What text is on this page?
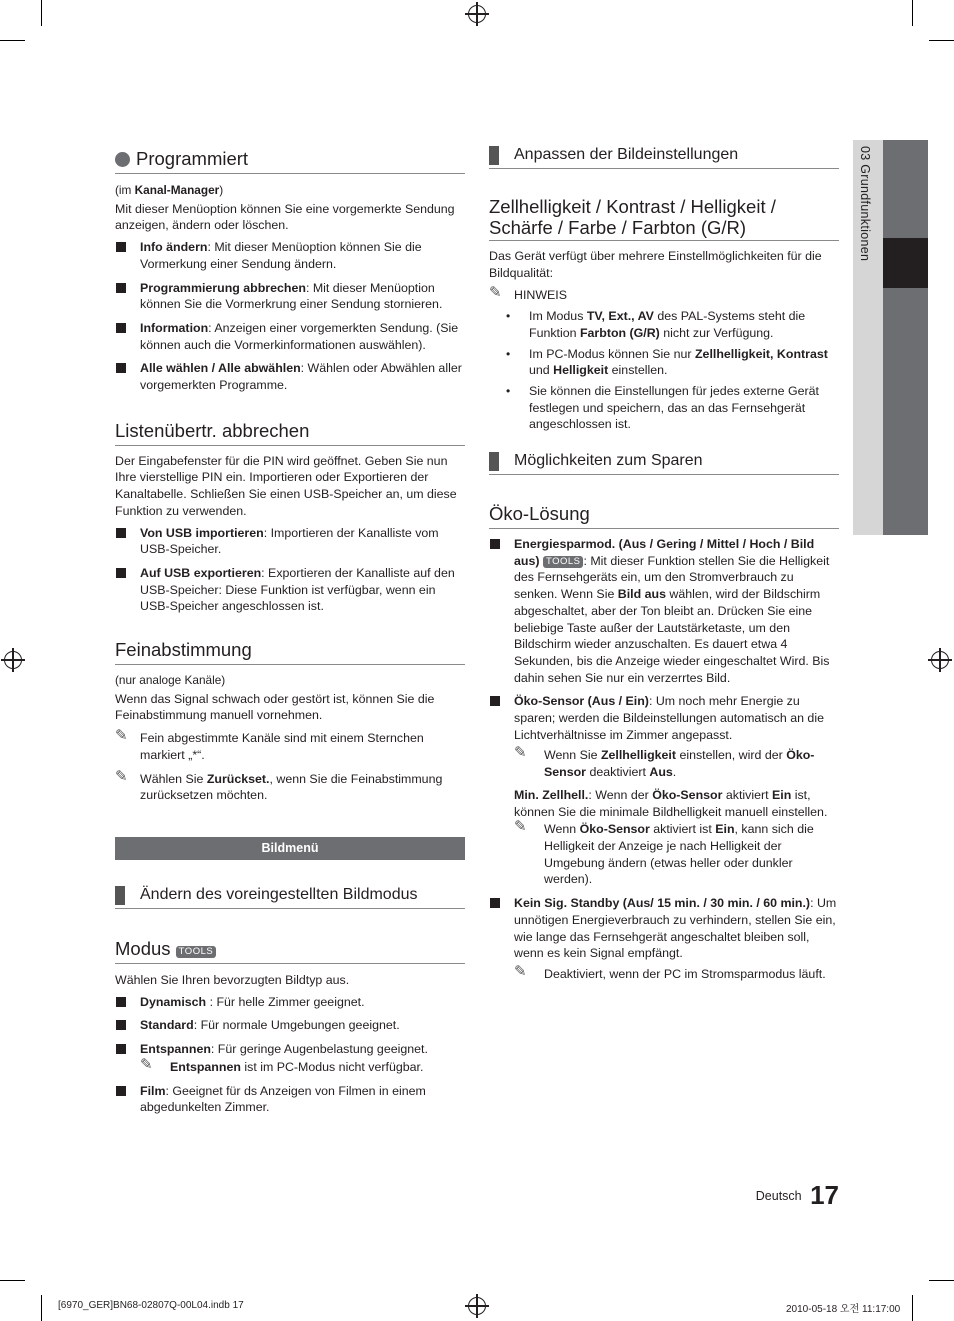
03 Grundfunktionen
Programmiert

(im Kanal-Manager)

Mit dieser Menüoption können Sie eine vorgemerkte Sendung anzeigen, ändern oder löschen.

Info ändern: Mit dieser Menüoption können Sie die Vormerkung einer Sendung ändern.

Programmierung abbrechen: Mit dieser Menüoption können Sie die Vormerkrung einer Sendung stornieren.

Information: Anzeigen einer vorgemerkten Sendung. (Sie können auch die Vormerkinformationen auswählen).

Alle wählen / Alle abwählen: Wählen oder Abwählen aller vorgemerkten Programme.

Listenübertr. abbrechen

Der Eingabefenster für die PIN wird geöffnet. Geben Sie nun Ihre vierstellige PIN ein. Importieren oder Exportieren der Kanaltabelle. Schließen Sie einen USB-Speicher an, um diese Funktion zu verwenden.

Von USB importieren: Importieren der Kanalliste vom USB-Speicher.

Auf USB exportieren: Exportieren der Kanalliste auf den USB-Speicher: Diese Funktion ist verfügbar, wenn ein USB-Speicher angeschlossen ist.

Feinabstimmung

(nur analoge Kanäle)

Wenn das Signal schwach oder gestört ist, können Sie die Feinabstimmung manuell vornehmen.

✎ Fein abgestimmte Kanäle sind mit einem Sternchen markiert „*“.

✎ Wählen Sie Zurückset., wenn Sie die Feinabstimmung zurücksetzen möchten.

Bildmenü
Ändern des voreingestellten Bildmodus
Modus TOOLS

Wählen Sie Ihren bevorzugten Bildtyp aus.

Dynamisch : Für helle Zimmer geeignet.

Standard: Für normale Umgebungen geeignet.

Entspannen: Für geringe Augenbelastung geeignet.

✎ Entspannen ist im PC-Modus nicht verfügbar.

Film: Geeignet für ds Anzeigen von Filmen in einem abgedunkelten Zimmer.

Anpassen der Bildeinstellungen
Zellhelligkeit / Kontrast / Helligkeit / Schärfe / Farbe / Farbton (G/R)

Das Gerät verfügt über mehrere Einstellmöglichkeiten für die Bildqualität:

✎ HINWEIS

• Im Modus TV, Ext., AV des PAL-Systems steht die Funktion Farbton (G/R) nicht zur Verfügung.

• Im PC-Modus können Sie nur Zellhelligkeit, Kontrast und Helligkeit einstellen.

• Sie können die Einstellungen für jedes externe Gerät festlegen und speichern, das an das Fernsehgerät angeschlossen ist.

Möglichkeiten zum Sparen
Öko-Lösung

Energiesparmod. (Aus / Gering / Mittel / Hoch / Bild aus) TOOLS : Mit dieser Funktion stellen Sie die Helligkeit des Fernsehgeräts ein, um den Stromverbrauch zu senken. Wenn Sie Bild aus wählen, wird der Bildschirm abgeschaltet, aber der Ton bleibt an. Drücken Sie eine beliebige Taste außer der Lautstärketaste, um den Bildschirm wieder anzuschalten. Es dauert etwa 4 Sekunden, bis die Anzeige wieder eingeschaltet Wird. Bis dahin sehen Sie nur ein verzerrtes Bild.

Öko-Sensor (Aus / Ein): Um noch mehr Energie zu sparen; werden die Bildeinstellungen automatisch an die Lichtverhältnisse im Zimmer angepasst.

✎ Wenn Sie Zellhelligkeit einstellen, wird der Öko-Sensor deaktiviert Aus.

Min. Zellhell.: Wenn der Öko-Sensor aktiviert Ein ist, können Sie die minimale Bildhelligkeit manuell einstellen.

✎ Wenn Öko-Sensor aktiviert ist Ein, kann sich die Helligkeit der Anzeige je nach Helligkeit der Umgebung ändern (etwas heller oder dunkler werden).

Kein Sig. Standby (Aus/ 15 min. / 30 min. / 60 min.): Um unnötigen Energieverbrauch zu verhindern, stellen Sie ein, wie lange das Fernsehgerät angeschaltet bleiben soll, wenn es kein Signal empfängt.

✎ Deaktiviert, wenn der PC im Stromsparmodus läuft.

$^{Deutsch}$ 17
[6970_GER]BN68-02807Q-00L04.indb 17	2010-05-18 오전 11:17:00
